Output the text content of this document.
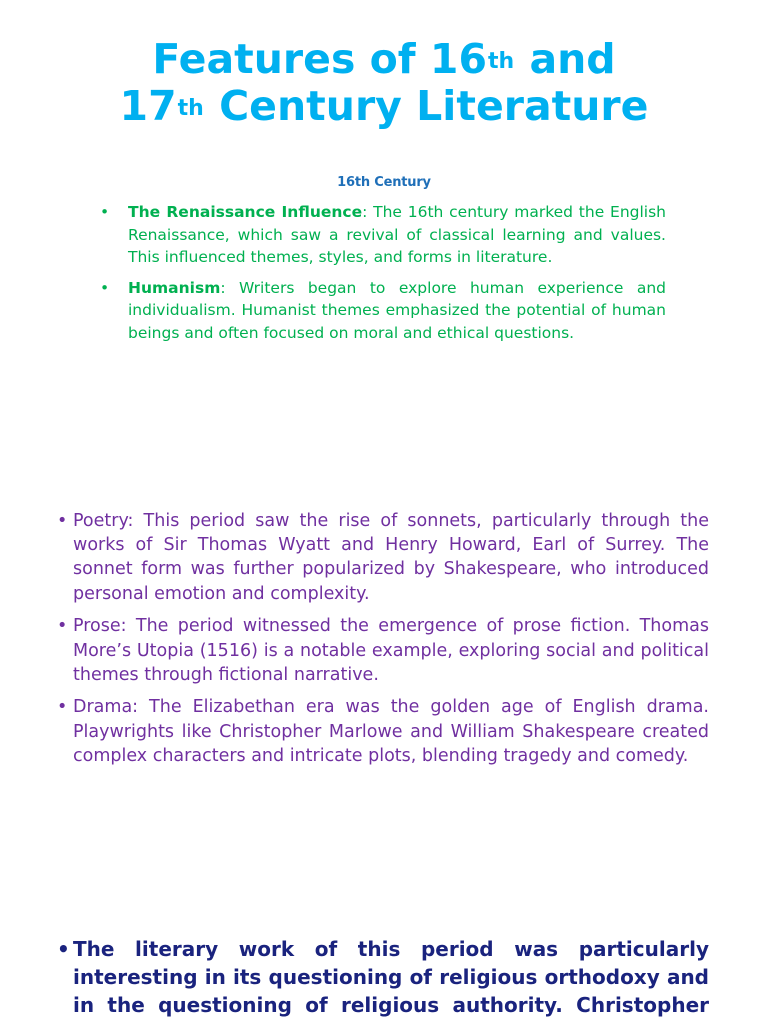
Features of 16th and
17th Century Literature
16th Century
• The Renaissance Influence: The 16th century marked the English Renaissance, which saw a revival of classical learning and values. This influenced themes, styles, and forms in literature.
• Humanism: Writers began to explore human experience and individualism. Humanist themes emphasized the potential of human beings and often focused on moral and ethical questions.
• Poetry: This period saw the rise of sonnets, particularly through the works of Sir Thomas Wyatt and Henry Howard, Earl of Surrey. The sonnet form was further popularized by Shakespeare, who introduced personal emotion and complexity.
• Prose: The period witnessed the emergence of prose fiction. Thomas More’s Utopia (1516) is a notable example, exploring social and political themes through fictional narrative.
• Drama: The Elizabethan era was the golden age of English drama. Playwrights like Christopher Marlowe and William Shakespeare created complex characters and intricate plots, blending tragedy and comedy.
• The literary work of this period was particularly interesting in its questioning of religious orthodoxy and in the questioning of religious authority. Christopher
